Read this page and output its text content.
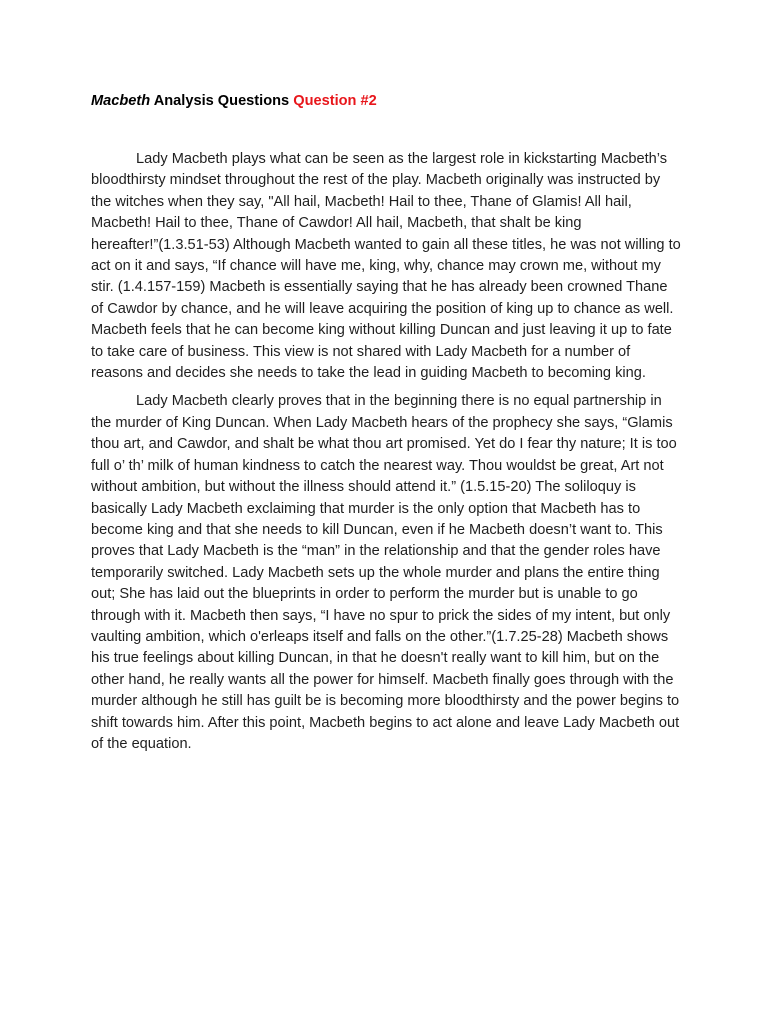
Macbeth Analysis Questions Question #2

Lady Macbeth plays what can be seen as the largest role in kickstarting Macbeth’s bloodthirsty mindset throughout the rest of the play. Macbeth originally was instructed by the witches when they say, "All hail, Macbeth! Hail to thee, Thane of Glamis! All hail, Macbeth! Hail to thee, Thane of Cawdor! All hail, Macbeth, that shalt be king hereafter!”(1.3.51-53) Although Macbeth wanted to gain all these titles, he was not willing to act on it and says, “If chance will have me, king, why, chance may crown me, without my stir. (1.4.157-159) Macbeth is essentially saying that he has already been crowned Thane of Cawdor by chance, and he will leave acquiring the position of king up to chance as well. Macbeth feels that he can become king without killing Duncan and just leaving it up to fate to take care of business. This view is not shared with Lady Macbeth for a number of reasons and decides she needs to take the lead in guiding Macbeth to becoming king.

Lady Macbeth clearly proves that in the beginning there is no equal partnership in the murder of King Duncan. When Lady Macbeth hears of the prophecy she says, “Glamis thou art, and Cawdor, and shalt be what thou art promised. Yet do I fear thy nature; It is too full o’ th’ milk of human kindness to catch the nearest way. Thou wouldst be great, Art not without ambition, but without the illness should attend it.” (1.5.15-20) The soliloquy is basically Lady Macbeth exclaiming that murder is the only option that Macbeth has to become king and that she needs to kill Duncan, even if he Macbeth doesn’t want to. This proves that Lady Macbeth is the “man” in the relationship and that the gender roles have temporarily switched. Lady Macbeth sets up the whole murder and plans the entire thing out; She has laid out the blueprints in order to perform the murder but is unable to go through with it. Macbeth then says, “I have no spur to prick the sides of my intent, but only vaulting ambition, which o'erleaps itself and falls on the other.”(1.7.25-28) Macbeth shows his true feelings about killing Duncan, in that he doesn't really want to kill him, but on the other hand, he really wants all the power for himself. Macbeth finally goes through with the murder although he still has guilt be is becoming more bloodthirsty and the power begins to shift towards him. After this point, Macbeth begins to act alone and leave Lady Macbeth out of the equation.
